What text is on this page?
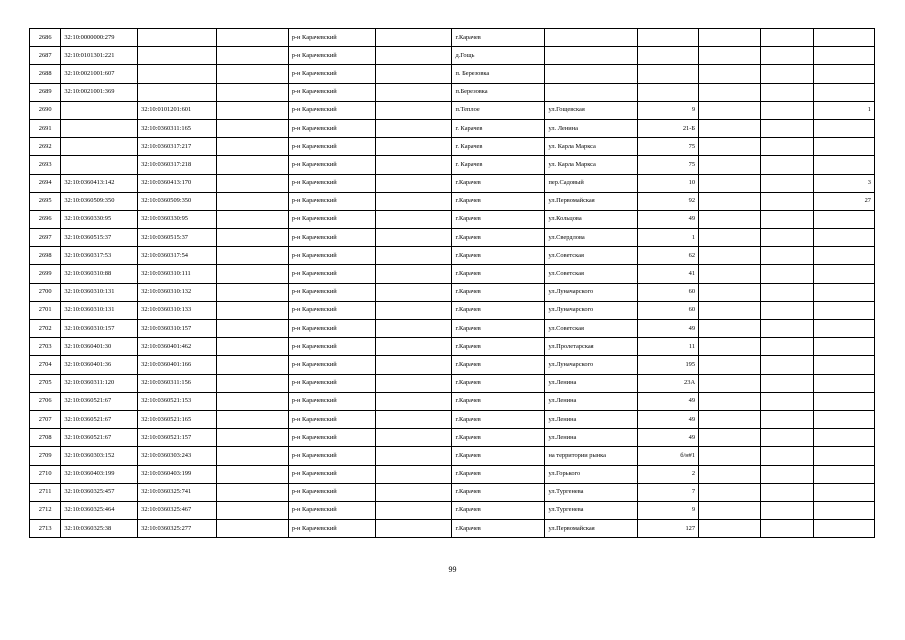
2686	32:10:0000000:279			р-н Карачевский		г.Карачев					
2687	32:10:0101301:221			р-н Карачевский		д.Гощь					
2688	32:10:0021001:607			р-н Карачевский		п. Березовка					
2689	32:10:0021001:369			р-н Карачевский		п.Березовка					
2690		32:10:0101201:601		р-н Карачевский		п.Теплое	ул.Гощевская	9			1
2691		32:10:0360311:165		р-н Карачевский		г. Карачев	ул. Ленина	21-Б			
2692		32:10:0360317:217		р-н Карачевский		г. Карачев	ул. Карла Маркса	75			
2693		32:10:0360317:218		р-н Карачевский		г. Карачев	ул. Карла Маркса	75			
2694	32:10:0360413:142	32:10:0360413:170		р-н Карачевский		г.Карачев	пер.Садовый	10			3
2695	32:10:0360509:350	32:10:0360509:350		р-н Карачевский		г.Карачев	ул.Первомайская	92			27
2696	32:10:0360330:95	32:10:0360330:95		р-н Карачевский		г.Карачев	ул.Кольцова	49			
2697	32:10:0360515:37	32:10:0360515:37		р-н Карачевский		г.Карачев	ул.Свердлова	1			
2698	32:10:0360317:53	32:10:0360317:54		р-н Карачевский		г.Карачев	ул.Советская	62			
2699	32:10:0360310:88	32:10:0360310:111		р-н Карачевский		г.Карачев	ул.Советская	41			
2700	32:10:0360310:131	32:10:0360310:132		р-н Карачевский		г.Карачев	ул.Луначарского	60			
2701	32:10:0360310:131	32:10:0360310:133		р-н Карачевский		г.Карачев	ул.Луначарского	60			
2702	32:10:0360310:157	32:10:0360310:157		р-н Карачевский		г.Карачев	ул.Советская	49			
2703	32:10:0360401:30	32:10:0360401:462		р-н Карачевский		г.Карачев	ул.Пролетарская	11			
2704	32:10:0360401:36	32:10:0360401:166		р-н Карачевский		г.Карачев	ул.Луначарского	195			
2705	32:10:0360311:120	32:10:0360311:156		р-н Карачевский		г.Карачев	ул.Ленина	23А			
2706	32:10:0360521:67	32:10:0360521:153		р-н Карачевский		г.Карачев	ул.Ленина	49			
2707	32:10:0360521:67	32:10:0360521:165		р-н Карачевский		г.Карачев	ул.Ленина	49			
2708	32:10:0360521:67	32:10:0360521:157		р-н Карачевский		г.Карачев	ул.Ленина	49			
2709	32:10:0360303:152	32:10:0360303:243		р-н Карачевский		г.Карачев	на территории рынка	б/н#1			
2710	32:10:0360403:199	32:10:0360403:199		р-н Карачевский		г.Карачев	ул.Горького	2			
2711	32:10:0360325:457	32:10:0360325:741		р-н Карачевский		г.Карачев	ул.Тургенева	7			
2712	32:10:0360325:464	32:10:0360325:467		р-н Карачевский		г.Карачев	ул.Тургенева	9			
2713	32:10:0360325:38	32:10:0360325:277		р-н Карачевский		г.Карачев	ул.Первомайская	127			
99
